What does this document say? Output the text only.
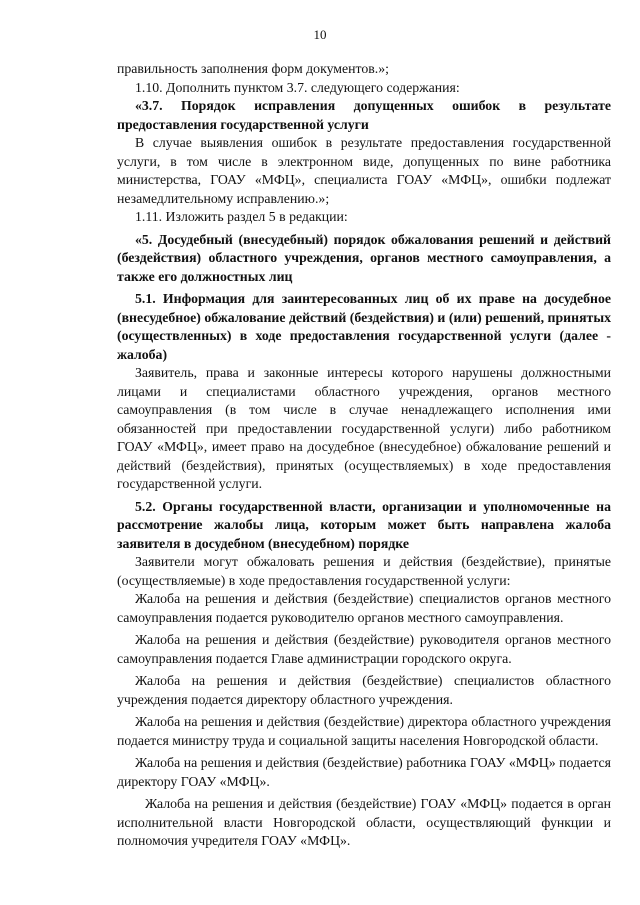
10

правильность заполнения форм документов.»;

1.10. Дополнить пунктом 3.7. следующего содержания:

«3.7. Порядок исправления допущенных ошибок в результате предоставления государственной услуги

В случае выявления ошибок в результате предоставления государственной услуги, в том числе в электронном виде, допущенных по вине работника министерства, ГОАУ «МФЦ», специалиста ГОАУ «МФЦ», ошибки подлежат незамедлительному исправлению.»;

1.11. Изложить раздел 5 в редакции:

«5. Досудебный (внесудебный) порядок обжалования решений и действий (бездействия) областного учреждения, органов местного самоуправления, а также его должностных лиц

5.1. Информация для заинтересованных лиц об их праве на досудебное (внесудебное) обжалование действий (бездействия) и (или) решений, принятых (осуществленных) в ходе предоставления государственной услуги (далее - жалоба)

Заявитель, права и законные интересы которого нарушены должностными лицами и специалистами областного учреждения, органов местного самоуправления (в том числе в случае ненадлежащего исполнения ими обязанностей при предоставлении государственной услуги) либо работником ГОАУ «МФЦ», имеет право на досудебное (внесудебное) обжалование решений и действий (бездействия), принятых (осуществляемых) в ходе предоставления государственной услуги.

5.2. Органы государственной власти, организации и уполномоченные на рассмотрение жалобы лица, которым может быть направлена жалоба заявителя в досудебном (внесудебном) порядке

Заявители могут обжаловать решения и действия (бездействие), принятые (осуществляемые) в ходе предоставления государственной услуги:

Жалоба на решения и действия (бездействие) специалистов органов местного самоуправления подается руководителю органов местного самоуправления.

Жалоба на решения и действия (бездействие) руководителя органов местного самоуправления подается Главе администрации городского округа.

Жалоба на решения и действия (бездействие) специалистов областного учреждения подается директору областного учреждения.

Жалоба на решения и действия (бездействие) директора областного учреждения подается министру труда и социальной защиты населения Новгородской области.

Жалоба на решения и действия (бездействие) работника ГОАУ «МФЦ» подается директору ГОАУ «МФЦ».

Жалоба на решения и действия (бездействие) ГОАУ «МФЦ» подается в орган исполнительной власти Новгородской области, осуществляющий функции и полномочия учредителя ГОАУ «МФЦ».
